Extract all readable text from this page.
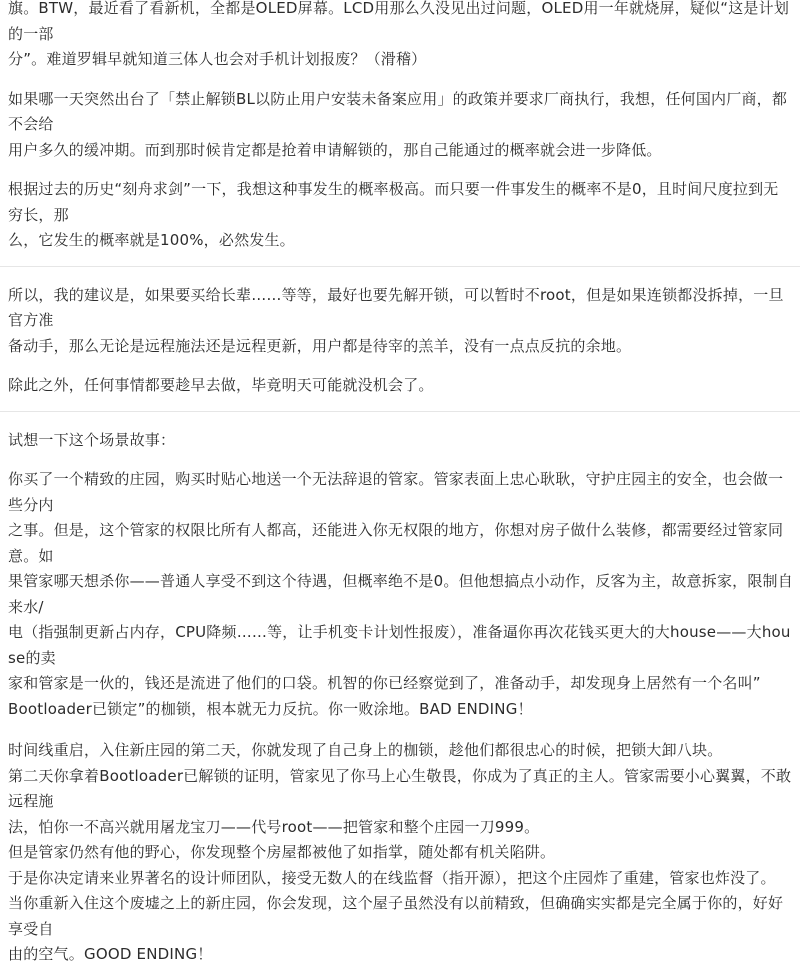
旗。BTW，最近看了看新机，全都是OLED屏幕。LCD用那么久没见出过问题，OLED用一年就烧屏，疑似“这是计划的一部
分”。难道罗辑早就知道三体人也会对手机计划报废？（滑稽）

如果哪一天突然出台了「禁止解锁BL以防止用户安装未备案应用」的政策并要求厂商执行，我想，任何国内厂商，都不会给
用户多久的缓冲期。而到那时候肯定都是抢着申请解锁的，那自己能通过的概率就会进一步降低。

根据过去的历史“刻舟求剑”一下，我想这种事发生的概率极高。而只要一件事发生的概率不是0，且时间尺度拉到无穷长，那
么，它发生的概率就是100%，必然发生。

所以，我的建议是，如果要买给长辈……等等，最好也要先解开锁，可以暂时不root，但是如果连锁都没拆掉，一旦官方准
备动手，那么无论是远程施法还是远程更新，用户都是待宰的羔羊，没有一点点反抗的余地。

除此之外，任何事情都要趁早去做，毕竟明天可能就没机会了。

试想一下这个场景故事：

你买了一个精致的庄园，购买时贴心地送一个无法辞退的管家。管家表面上忠心耿耿，守护庄园主的安全，也会做一些分内
之事。但是，这个管家的权限比所有人都高，还能进入你无权限的地方，你想对房子做什么装修，都需要经过管家同意。如
果管家哪天想杀你——普通人享受不到这个待遇，但概率绝不是0。但他想搞点小动作，反客为主，故意拆家，限制自来水/
电（指强制更新占内存，CPU降频……等，让手机变卡计划性报废），准备逼你再次花钱买更大的大house——大house的卖
家和管家是一伙的，钱还是流进了他们的口袋。机智的你已经察觉到了，准备动手，却发现身上居然有一个名叫”
Bootloader已锁定”的枷锁，根本就无力反抗。你一败涂地。BAD ENDING！

时间线重启，入住新庄园的第二天，你就发现了自己身上的枷锁，趁他们都很忠心的时候，把锁大卸八块。
第二天你拿着Bootloader已解锁的证明，管家见了你马上心生敬畏，你成为了真正的主人。管家需要小心翼翼，不敢远程施
法，怕你一不高兴就用屠龙宝刀——代号root——把管家和整个庄园一刀999。
但是管家仍然有他的野心，你发现整个房屋都被他了如指掌，随处都有机关陷阱。
于是你决定请来业界著名的设计师团队，接受无数人的在线监督（指开源），把这个庄园炸了重建，管家也炸没了。
当你重新入住这个废墟之上的新庄园，你会发现，这个屋子虽然没有以前精致，但确确实实都是完全属于你的，好好享受自
由的空气。GOOD ENDING！
